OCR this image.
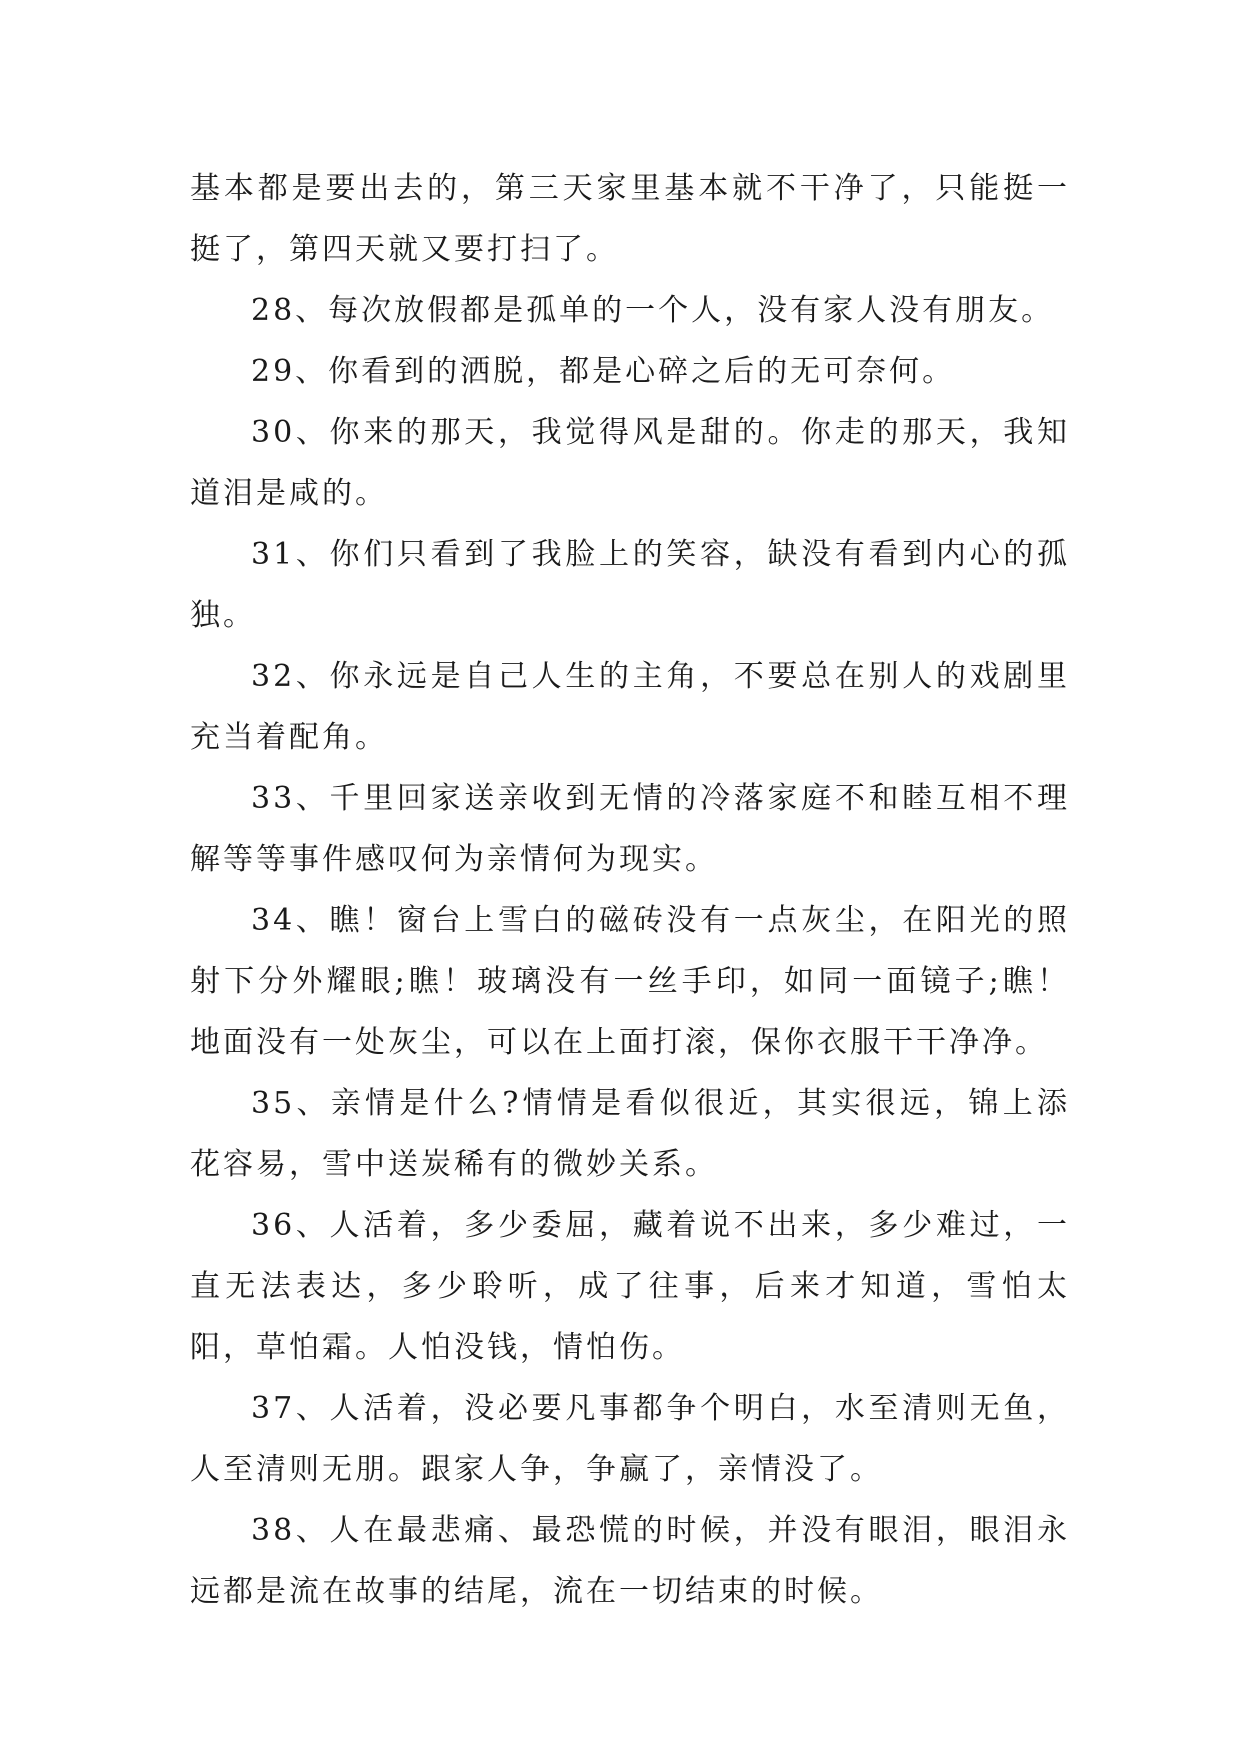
基本都是要出去的，第三天家里基本就不干净了，只能挺一挺了，第四天就又要打扫了。

28、每次放假都是孤单的一个人，没有家人没有朋友。

29、你看到的洒脱，都是心碎之后的无可奈何。

30、你来的那天，我觉得风是甜的。你走的那天，我知道泪是咸的。

31、你们只看到了我脸上的笑容，缺没有看到内心的孤独。

32、你永远是自己人生的主角，不要总在别人的戏剧里充当着配角。

33、千里回家送亲收到无情的冷落家庭不和睦互相不理解等等事件感叹何为亲情何为现实。

34、瞧！窗台上雪白的磁砖没有一点灰尘，在阳光的照射下分外耀眼;瞧！玻璃没有一丝手印，如同一面镜子;瞧！地面没有一处灰尘，可以在上面打滚，保你衣服干干净净。

35、亲情是什么?情情是看似很近，其实很远，锦上添花容易，雪中送炭稀有的微妙关系。

36、人活着，多少委屈，藏着说不出来，多少难过，一直无法表达，多少聆听，成了往事，后来才知道，雪怕太阳，草怕霜。人怕没钱，情怕伤。

37、人活着，没必要凡事都争个明白，水至清则无鱼，人至清则无朋。跟家人争，争赢了，亲情没了。

38、人在最悲痛、最恐慌的时候，并没有眼泪，眼泪永远都是流在故事的结尾，流在一切结束的时候。
